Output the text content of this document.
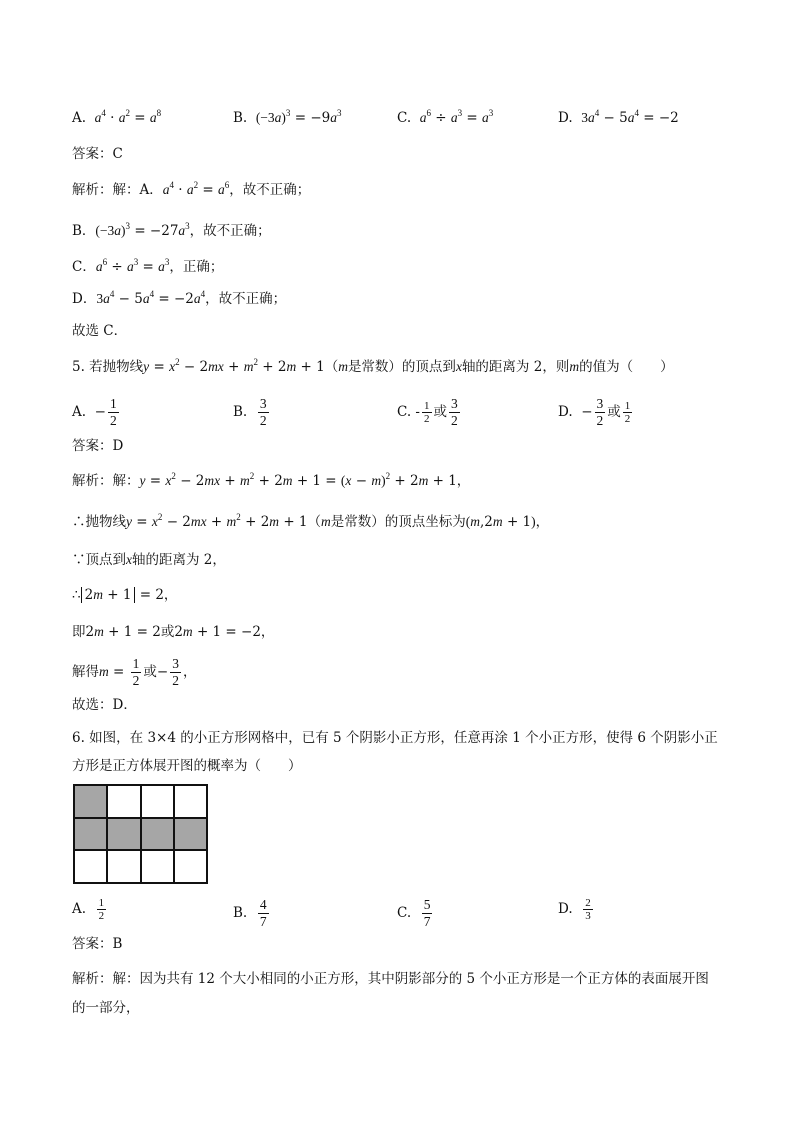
A. $a^4 \cdot a^2 = a^8$	B. $(-3a)^3 = -9a^3$	C. $a^6 \div a^3 = a^3$	D. $3a^4 - 5a^4 = -2$
答案：C
解析：解：A．$a^4 \cdot a^2 = a^6$，故不正确；
B．$(-3a)^3 = -27a^3$，故不正确；
C．$a^6 \div a^3 = a^3$，正确；
D．$3a^4 - 5a^4 = -2a^4$，故不正确；
故选 C．
5. 若抛物线$y = x^2 - 2mx + m^2 + 2m + 1(m$是常数）的顶点到x轴的距离为 2，则m的值为（　　）
A.  − $\frac{1}{2}$	B. $\frac{3}{2}$	C. - $\frac{1}{2}$ 或 $\frac{3}{2}$	D.  − $\frac{3}{2}$ 或 $\frac{1}{2}$
答案：D
解析：解：$y = x^2 - 2mx + m^2 + 2m + 1 = (x - m)^2 + 2m + 1$，
∴抛物线$y = x^2 - 2mx + m^2 + 2m + 1(m$是常数）的顶点坐标为(m,2m + 1)，
∵顶点到x轴的距离为 2，
∴ 2m + 1 = 2，
即2m + 1 = 2或2m + 1 = −2，
解得$m = \frac{1}{2}$ 或− $\frac{3}{2}$ ，
故选：D．
6. 如图，在 3×4 的小正方形网格中，已有 5 个阴影小正方形，任意再涂 1 个小正方形，使得 6 个阴影小正
方形是正方体展开图的概率为（　　）
A. $\frac{1}{2}$	B. $\frac{4}{7}$	C. $\frac{5}{7}$	D. $\frac{2}{3}$
答案：B
解析：解：因为共有 12 个大小相同的小正方形，其中阴影部分的 5 个小正方形是一个正方体的表面展开图
的一部分，
